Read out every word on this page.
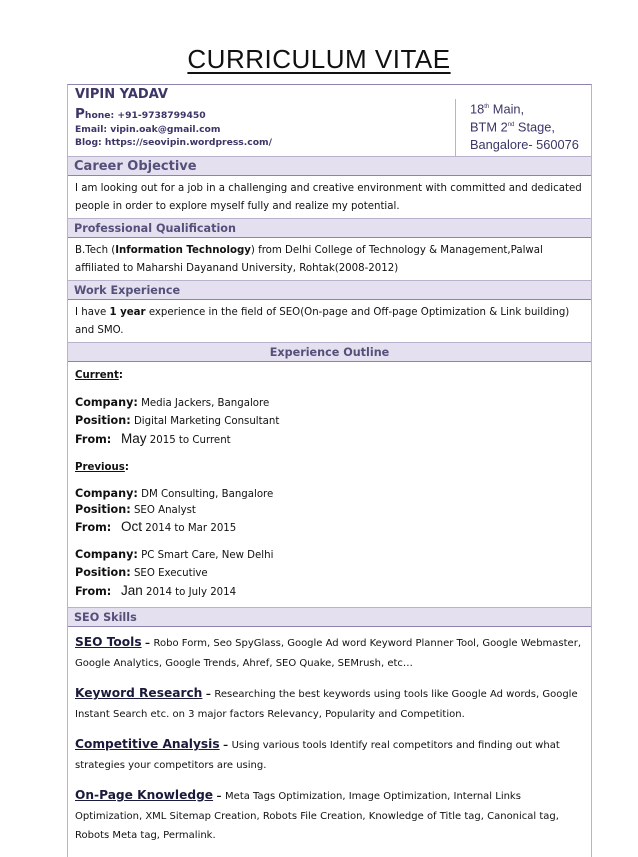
CURRICULUM VITAE
VIPIN YADAV
Phone: +91-9738799450
Email: vipin.oak@gmail.com
Blog: https://seovipin.wordpress.com/
18th Main,
BTM 2nd Stage,
Bangalore- 560076
Career Objective
I am looking out for a job in a challenging and creative environment with committed and dedicated people in order to explore myself fully and realize my potential.
Professional Qualification
B.Tech (Information Technology) from Delhi College of Technology & Management,Palwal affiliated to Maharshi Dayanand University, Rohtak(2008-2012)
Work Experience
I have 1 year experience in the field of SEO(On-page and Off-page Optimization & Link building) and SMO.
Experience Outline
Current:
Company: Media Jackers, Bangalore
Position: Digital Marketing Consultant
From: May 2015 to Current
Previous:
Company: DM Consulting, Bangalore
Position: SEO Analyst
From: Oct 2014 to Mar 2015
Company: PC Smart Care, New Delhi
Position: SEO Executive
From: Jan 2014 to July 2014
SEO Skills
SEO Tools – Robo Form, Seo SpyGlass, Google Ad word Keyword Planner Tool, Google Webmaster, Google Analytics, Google Trends, Ahref, SEO Quake, SEMrush, etc…
Keyword Research – Researching the best keywords using tools like Google Ad words, Google Instant Search etc. on 3 major factors Relevancy, Popularity and Competition.
Competitive Analysis – Using various tools Identify real competitors and finding out what strategies your competitors are using.
On-Page Knowledge – Meta Tags Optimization, Image Optimization, Internal Links Optimization, XML Sitemap Creation, Robots File Creation, Knowledge of Title tag, Canonical tag, Robots Meta tag, Permalink.
